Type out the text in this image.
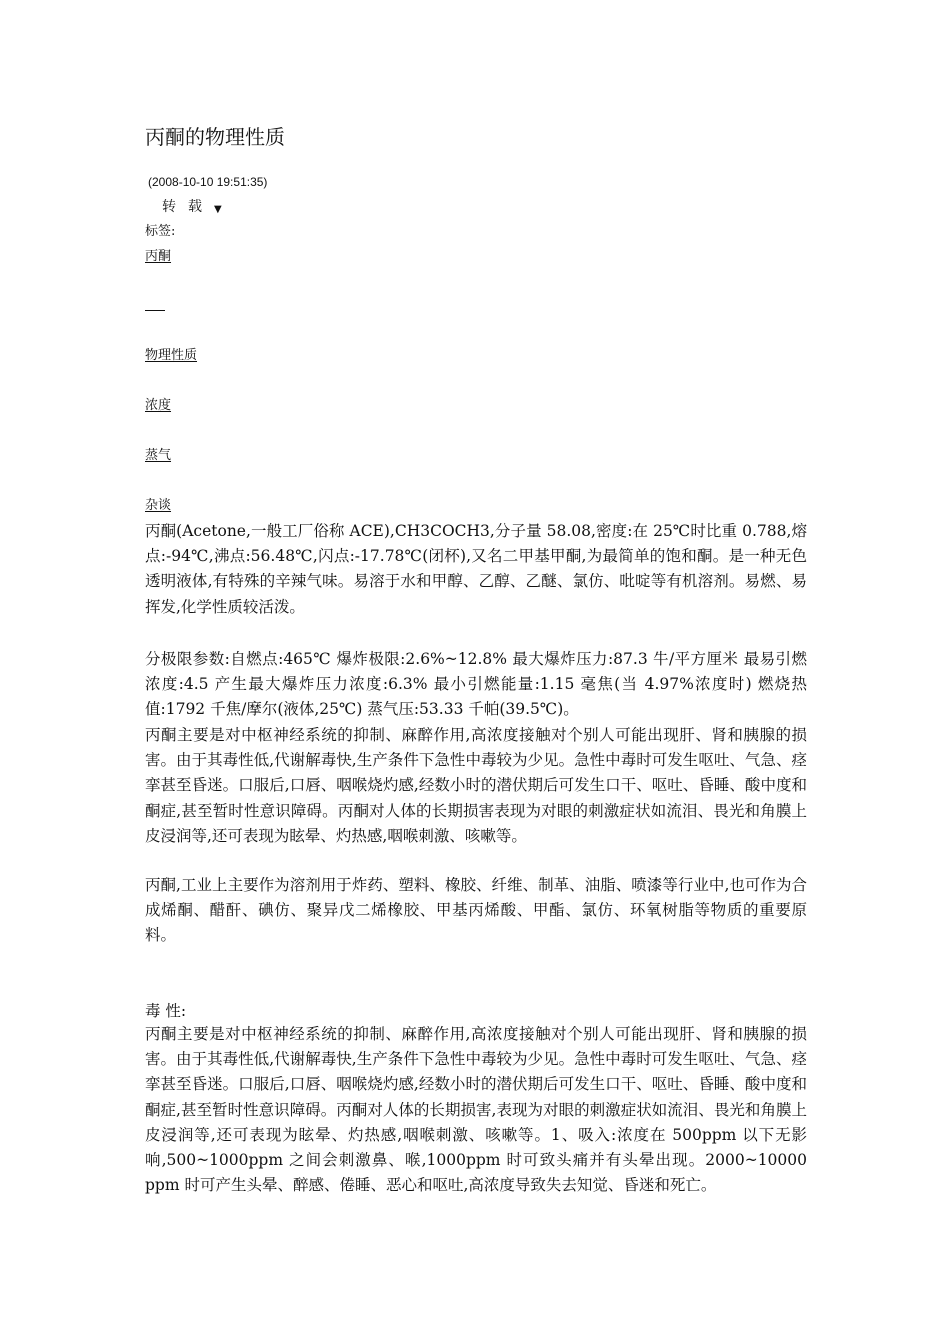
丙酮的物理性质
(2008-10-10 19:51:35)
转载 ▼
标签:
丙酮
物理性质
浓度
蒸气
杂谈
丙酮(Acetone,一般工厂俗称 ACE),CH3COCH3,分子量 58.08,密度:在 25℃时比重 0.788,熔点:-94℃,沸点:56.48℃,闪点:-17.78℃(闭杯),又名二甲基甲酮,为最简单的饱和酮。是一种无色透明液体,有特殊的辛辣气味。易溶于水和甲醇、乙醇、乙醚、氯仿、吡啶等有机溶剂。易燃、易挥发,化学性质较活泼。
分极限参数:自燃点:465℃ 爆炸极限:2.6%~12.8% 最大爆炸压力:87.3 牛/平方厘米 最易引燃浓度:4.5 产生最大爆炸压力浓度:6.3% 最小引燃能量:1.15 毫焦(当 4.97%浓度时) 燃烧热值:1792 千焦/摩尔(液体,25℃) 蒸气压:53.33 千帕(39.5℃)。
丙酮主要是对中枢神经系统的抑制、麻醉作用,高浓度接触对个别人可能出现肝、肾和胰腺的损害。由于其毒性低,代谢解毒快,生产条件下急性中毒较为少见。急性中毒时可发生呕吐、气急、痉挛甚至昏迷。口服后,口唇、咽喉烧灼感,经数小时的潜伏期后可发生口干、呕吐、昏睡、酸中度和酮症,甚至暂时性意识障碍。丙酮对人体的长期损害表现为对眼的刺激症状如流泪、畏光和角膜上皮浸润等,还可表现为眩晕、灼热感,咽喉刺激、咳嗽等。
丙酮,工业上主要作为溶剂用于炸药、塑料、橡胶、纤维、制革、油脂、喷漆等行业中,也可作为合成烯酮、醋酐、碘仿、聚异戊二烯橡胶、甲基丙烯酸、甲酯、氯仿、环氧树脂等物质的重要原料。
毒 性:
丙酮主要是对中枢神经系统的抑制、麻醉作用,高浓度接触对个别人可能出现肝、肾和胰腺的损害。由于其毒性低,代谢解毒快,生产条件下急性中毒较为少见。急性中毒时可发生呕吐、气急、痉挛甚至昏迷。口服后,口唇、咽喉烧灼感,经数小时的潜伏期后可发生口干、呕吐、昏睡、酸中度和酮症,甚至暂时性意识障碍。丙酮对人体的长期损害,表现为对眼的刺激症状如流泪、畏光和角膜上皮浸润等,还可表现为眩晕、灼热感,咽喉刺激、咳嗽等。1、吸入:浓度在 500ppm 以下无影响,500~1000ppm 之间会刺激鼻、喉,1000ppm 时可致头痛并有头晕出现。2000~10000 ppm 时可产生头晕、醉感、倦睡、恶心和呕吐,高浓度导致失去知觉、昏迷和死亡。
